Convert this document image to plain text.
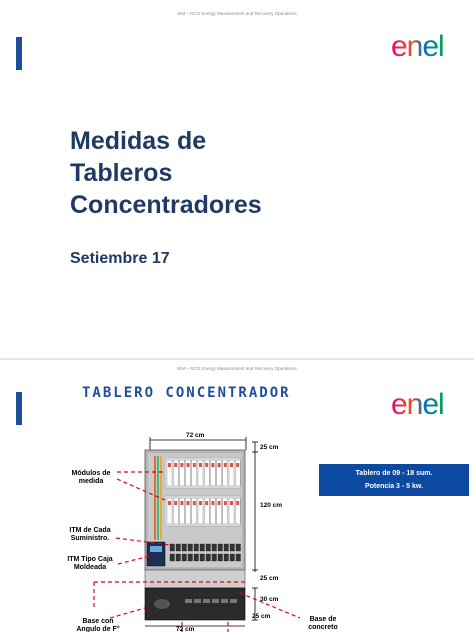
IEM – NCO Energy Measurement and Recovery Operations
enel
Medidas de
Tableros
Concentradores
Setiembre 17
IEM – NCO Energy Measurement and Recovery Operations
enel
TABLERO CONCENTRADOR
Tablero de 09 - 18 sum.
Potencia 3 - 5 kw.
72 cm
25 cm
120 cm
25 cm
30 cm
25 cm
72 cm
Módulos de medida
ITM de Cada Suministro.
ITM Tipo Caja Moldeada
Base con Angulo de F°
Base de concreto
